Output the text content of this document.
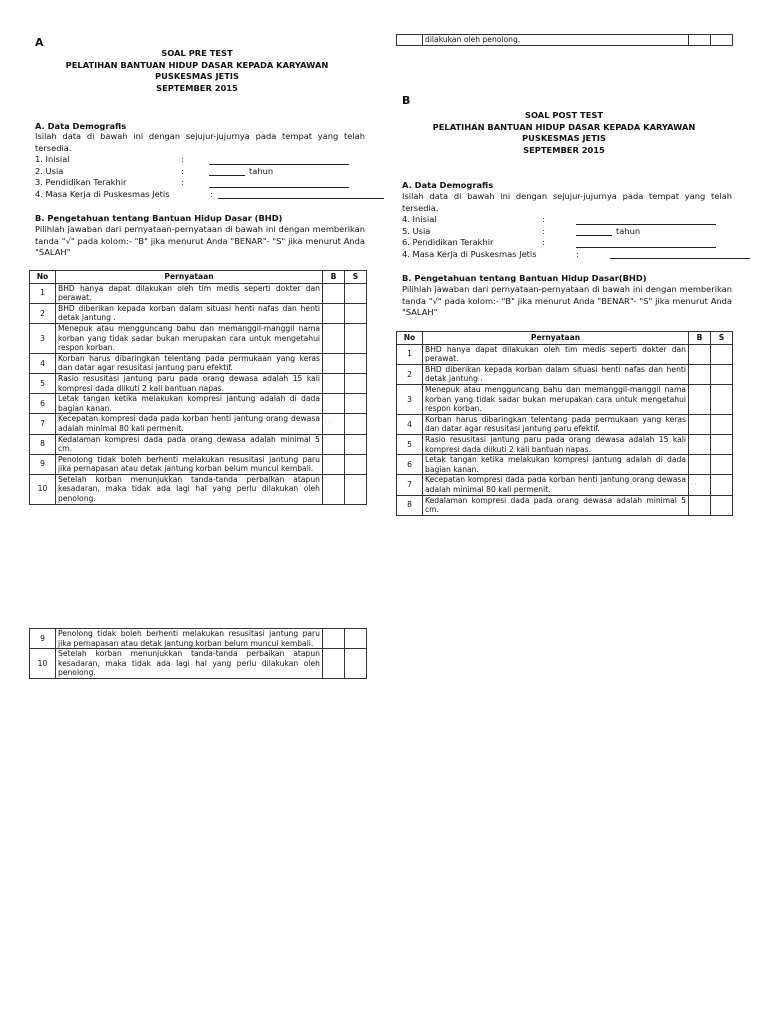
A
SOAL PRE TEST
PELATIHAN BANTUAN HIDUP DASAR KEPADA KARYAWAN
PUSKESMAS JETIS
SEPTEMBER 2015
A. Data Demografis
Isilah data di bawah ini dengan sejujur-jujurnya pada tempat yang telah tersedia.
1. Inisial	:
2. Usia	:	tahun
3. Pendidikan Terakhir	:
4. Masa Kerja di Puskesmas Jetis	:
B. Pengetahuan tentang Bantuan Hidup Dasar (BHD)
Pilihlah jawaban dari pernyataan-pernyataan di bawah ini dengan memberikan tanda "√" pada kolom:- "B" jika menurut Anda "BENAR"- "S" jika menurut Anda "SALAH"
No	Pernyataan	B	S
1	BHD hanya dapat dilakukan oleh tim medis seperti dokter dan perawat.		
2	BHD diberikan kepada korban dalam situasi henti nafas dan henti detak jantung .		
3	Menepuk atau mengguncang bahu dan memanggil-manggil nama korban yang tidak sadar bukan merupakan cara untuk mengetahui respon korban.		
4	Korban harus dibaringkan telentang pada permukaan yang keras dan datar agar resusitasi jantung paru efektif.		
5	Rasio resusitasi jantung paru pada orang dewasa adalah 15 kali kompresi dada diikuti 2 kali bantuan napas.		
6	Letak tangan ketika melakukan kompresi jantung adalah di dada bagian kanan.		
7	Kecepatan kompresi dada pada korban henti jantung orang dewasa adalah minimal 80 kali permenit.	· ·	
8	Kedalaman kompresi dada pada orang dewasa adalah minimal 5 cm.		
9	Penolong tidak boleh berhenti melakukan resusitasi jantung paru jika pernapasan atau detak jantung korban belum muncul kembali.		
10	Setelah korban menunjukkan tanda-tanda perbaikan atapun kesadaran, maka tidak ada lagi hal yang perlu dilakukan oleh penolong.		
9	Penolong tidak boleh berhenti melakukan resusitasi jantung paru jika pernapasan atau detak jantung korban belum muncul kembali.		
10	Setelah korban menunjukkan tanda-tanda perbaikan atapun kesadaran, maka tidak ada lagi hal yang perlu dilakukan oleh penolong.		
	dilakukan oleh penolong.		
B
SOAL POST TEST
PELATIHAN BANTUAN HIDUP DASAR KEPADA KARYAWAN
PUSKESMAS JETIS
SEPTEMBER 2015
A. Data Demografis
Isilah data di bawah ini dengan sejujur-jujurnya pada tempat yang telah tersedia.
4. Inisial	:
5. Usia	:	tahun
6. Pendidikan Terakhir	:
4. Masa Kerja di Puskesmas Jetis	:
B. Pengetahuan tentang Bantuan Hidup Dasar(BHD)
Pilihlah jawaban dari pernyataan-pernyataan di bawah ini dengan memberikan tanda "√" pada kolom:- "B" jika menurut Anda "BENAR"- "S" jika menurut Anda "SALAH"
No	Pernyataan	B	S
1	BHD hanya dapat dilakukan oleh tim medis seperti dokter dan perawat.		
2	BHD diberikan kepada korban dalam situasi henti nafas dan henti detak jantung .		
3	Menepuk atau mengguncang bahu dan memanggil-manggil nama korban yang tidak sadar bukan merupakan cara untuk mengetahui respon korban.		
4	Korban harus dibaringkan telentang pada permukaan yang keras dan datar agar resusitasi jantung paru efektif.		
5	Rasio resusitasi jantung paru pada orang dewasa adalah 15 kali kompresi dada diikuti 2 kali bantuan napas.		
6	Letak tangan ketika melakukan kompresi jantung adalah di dada bagian kanan.		
7	Kecepatan kompresi dada pada korban henti jantung orang dewasa adalah minimal 80 kali permenit.	· ·	
8	Kedalaman kompresi dada pada orang dewasa adalah minimal 5 cm.		
